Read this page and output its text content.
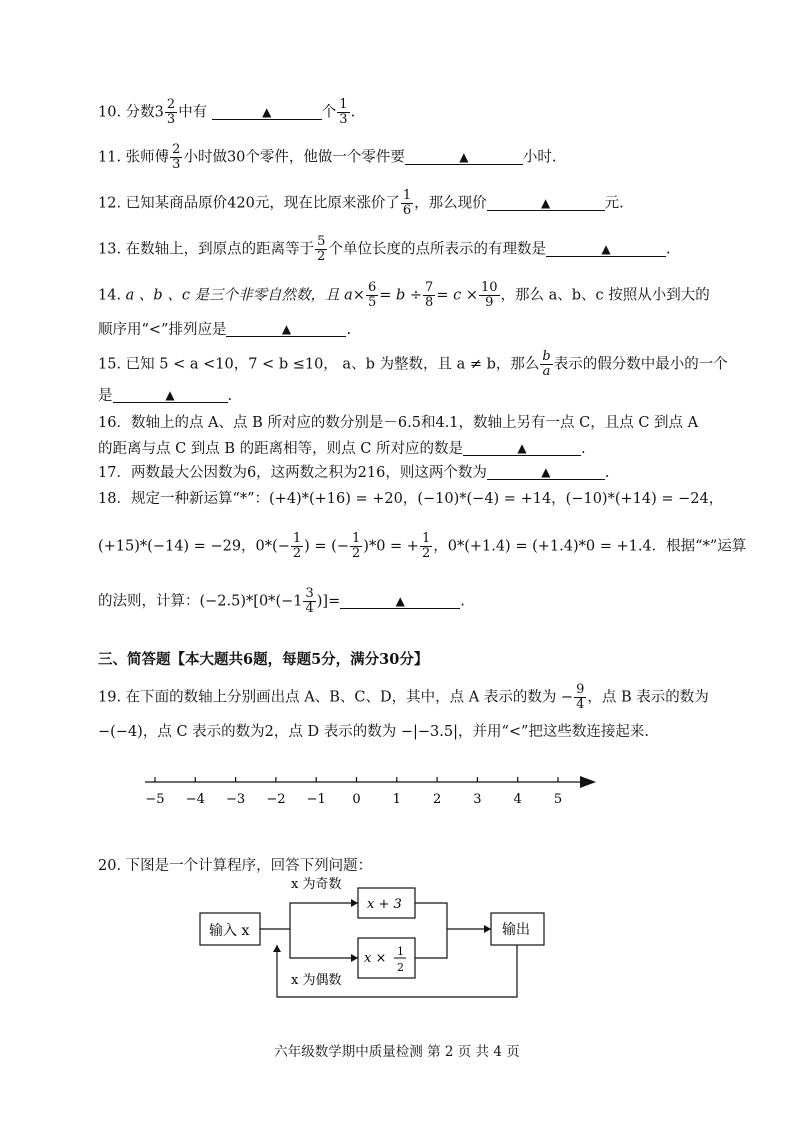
10. 分数$3 \frac{2}{3}$ 中有	▲	个 $\frac{1}{3}$ .
11. 张师傅 $\frac{2}{3}$ 小时做30个零件，他做一个零件要	▲	小时.
12. 已知某商品原价420元，现在比原来涨价了 $\frac{1}{6}$ ，那么现价	▲	元.
13. 在数轴上，到原点的距离等于 $\frac{5}{2}$ 个单位长度的点所表示的有理数是	▲	.
14. a 、b 、c 是三个非零自然数，且 $a\times \frac{6}{5} = b \div \frac{7}{8} = c \times \frac{10}{9}$ ，那么 a、b、c 按照从小到大的
顺序用“<”排列应是	▲	.
15. 已知 5 < a <10，7 < b ≤10， a、b 为整数，且 a ≠ b，那么 $\frac{b}{a}$ 表示的假分数中最小的一个
是	▲	.
16．数轴上的点 A、点 B 所对应的数分别是－6.5和4.1，数轴上另有一点 C，且点 C 到点 A
的距离与点 C 到点 B 的距离相等，则点 C 所对应的数是	▲	.
17．两数最大公因数为6，这两数之积为216，则这两个数为	▲	.
18．规定一种新运算“*”：(+4)*(+16) = +20，(−10)*(−4) = +14，(−10)*(+14) = −24，
(+15)*(−14) = −29，$0*(- \frac{1}{2}$ ) = (− $\frac{1}{2} )*0$ = + $\frac{1}{2}$ ，0*(+1.4) = (+1.4)*0 = +1.4．根据“*”运算
的法则，计算：$(-2.5)*[0*(-1 \frac{3}{4}$ )]=	▲	.
三、简答题【本大题共6题，每题5分，满分30分】
19. 在下面的数轴上分别画出点 A、B、C、D，其中，点 A 表示的数为 − $\frac{9}{4}$ ，点 B 表示的数为
−(−4)，点 C 表示的数为2，点 D 表示的数为 −|−3.5|，并用“<”把这些数连接起来.
−5 −4 −3 −2 −1 0 1 2 3 4 5
20. 下图是一个计算程序，回答下列问题：
输入 x
x 为奇数
x 为偶数
x + 3
x × 1
2
输出
六年级数学期中质量检测 第 2 页 共 4 页
